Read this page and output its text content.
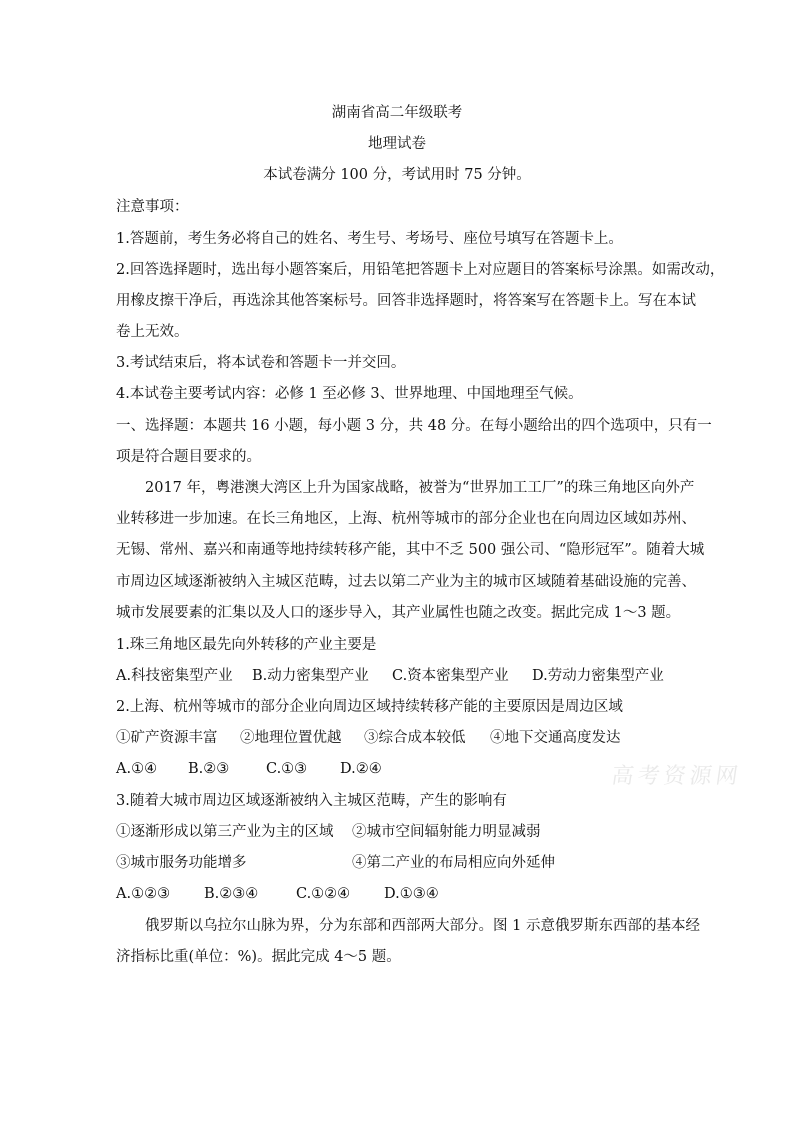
湖南省高二年级联考
地理试卷
本试卷满分 100 分，考试用时 75 分钟。
注意事项：
1.答题前，考生务必将自己的姓名、考生号、考场号、座位号填写在答题卡上。
2.回答选择题时，选出每小题答案后，用铅笔把答题卡上对应题目的答案标号涂黑。如需改动，
用橡皮擦干净后，再选涂其他答案标号。回答非选择题时，将答案写在答题卡上。写在本试
卷上无效。
3.考试结束后，将本试卷和答题卡一并交回。
4.本试卷主要考试内容：必修 1 至必修 3、世界地理、中国地理至气候。
一、选择题：本题共 16 小题，每小题 3 分，共 48 分。在每小题给出的四个选项中，只有一
项是符合题目要求的。
2017 年，粤港澳大湾区上升为国家战略，被誉为“世界加工工厂”的珠三角地区向外产
业转移进一步加速。在长三角地区，上海、杭州等城市的部分企业也在向周边区域如苏州、
无锡、常州、嘉兴和南通等地持续转移产能，其中不乏 500 强公司、“隐形冠军”。随着大城
市周边区域逐渐被纳入主城区范畴，过去以第二产业为主的城市区域随着基础设施的完善、
城市发展要素的汇集以及人口的逐步导入，其产业属性也随之改变。据此完成 1～3 题。
1.珠三角地区最先向外转移的产业主要是
A.科技密集型产业 B.动力密集型产业 C.资本密集型产业 D.劳动力密集型产业
2.上海、杭州等城市的部分企业向周边区域持续转移产能的主要原因是周边区域
①矿产资源丰富 ②地理位置优越 ③综合成本较低 ④地下交通高度发达
A.①④ B.②③	C.①③ D.②④	高考资源网
3.随着大城市周边区域逐渐被纳入主城区范畴，产生的影响有
①逐渐形成以第三产业为主的区域 ②城市空间辐射能力明显减弱
③城市服务功能增多	④第二产业的布局相应向外延伸
A.①②③ B.②③④	C.①②④ D.①③④
俄罗斯以乌拉尔山脉为界，分为东部和西部两大部分。图 1 示意俄罗斯东西部的基本经
济指标比重(单位：%)。据此完成 4～5 题。
